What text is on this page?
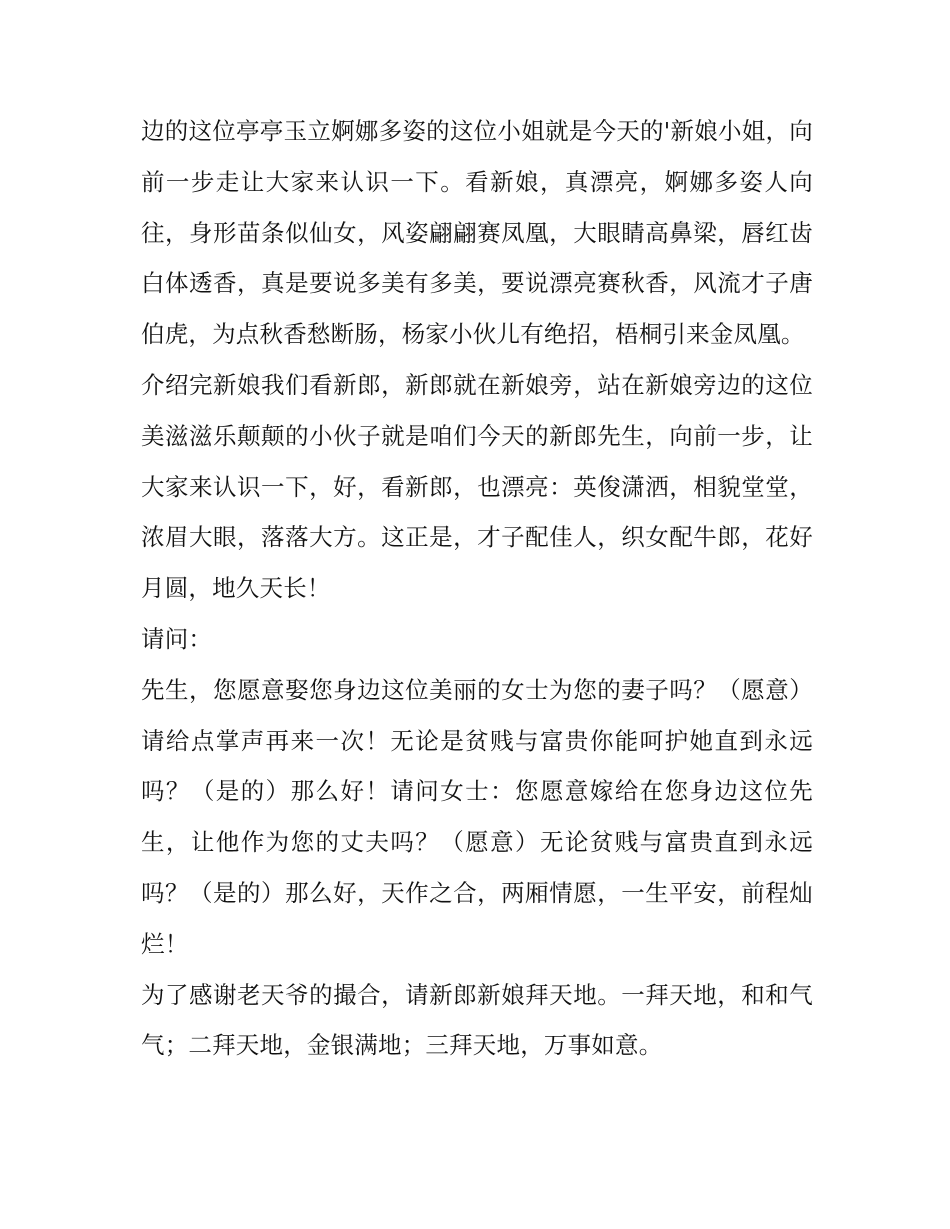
边的这位亭亭玉立婀娜多姿的这位小姐就是今天的'新娘小姐，向前一步走让大家来认识一下。看新娘，真漂亮，婀娜多姿人向往，身形苗条似仙女，风姿翩翩赛凤凰，大眼睛高鼻梁，唇红齿白体透香，真是要说多美有多美，要说漂亮赛秋香，风流才子唐伯虎，为点秋香愁断肠，杨家小伙儿有绝招，梧桐引来金凤凰。

介绍完新娘我们看新郎，新郎就在新娘旁，站在新娘旁边的这位美滋滋乐颠颠的小伙子就是咱们今天的新郎先生，向前一步，让大家来认识一下，好，看新郎，也漂亮：英俊潇洒，相貌堂堂，浓眉大眼，落落大方。这正是，才子配佳人，织女配牛郎，花好月圆，地久天长！

请问：

先生，您愿意娶您身边这位美丽的女士为您的妻子吗？（愿意）请给点掌声再来一次！无论是贫贱与富贵你能呵护她直到永远吗？（是的）那么好！请问女士：您愿意嫁给在您身边这位先生，让他作为您的丈夫吗？（愿意）无论贫贱与富贵直到永远吗？（是的）那么好，天作之合，两厢情愿，一生平安，前程灿烂！

为了感谢老天爷的撮合，请新郎新娘拜天地。一拜天地，和和气气；二拜天地，金银满地；三拜天地，万事如意。
